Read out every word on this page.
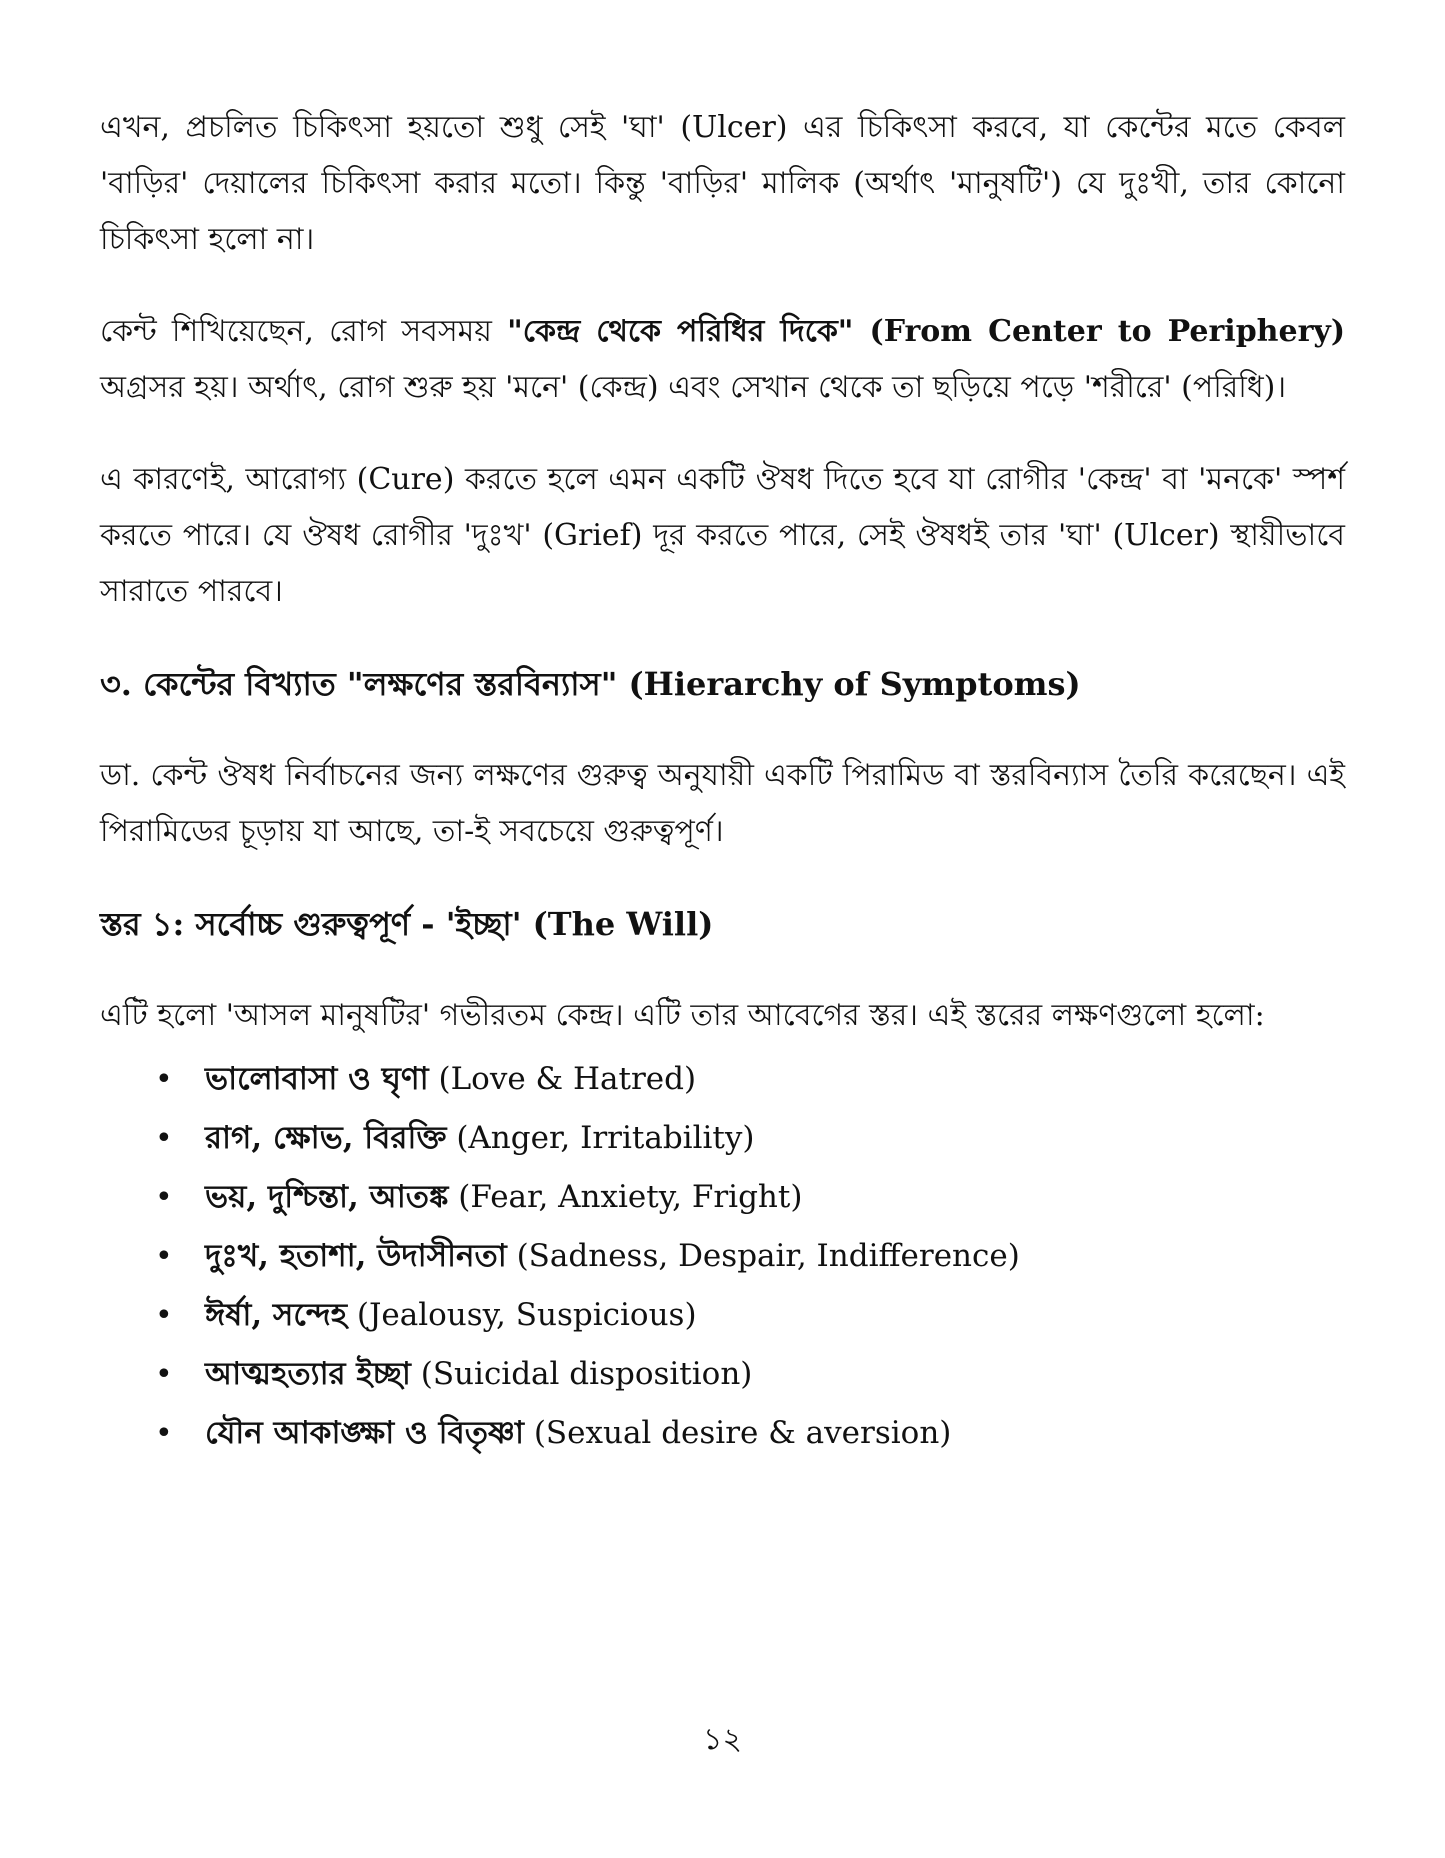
এখন, প্রচলিত চিকিৎসা হয়তো শুধু সেই 'ঘা' (Ulcer) এর চিকিৎসা করবে, যা কেন্টের মতে কেবল 'বাড়ির' দেয়ালের চিকিৎসা করার মতো। কিন্তু 'বাড়ির' মালিক (অর্থাৎ 'মানুষটি') যে দুঃখী, তার কোনো চিকিৎসা হলো না।

কেন্ট শিখিয়েছেন, রোগ সবসময় "কেন্দ্র থেকে পরিধির দিকে" (From Center to Periphery) অগ্রসর হয়। অর্থাৎ, রোগ শুরু হয় 'মনে' (কেন্দ্র) এবং সেখান থেকে তা ছড়িয়ে পড়ে 'শরীরে' (পরিধি)।

এ কারণেই, আরোগ্য (Cure) করতে হলে এমন একটি ঔষধ দিতে হবে যা রোগীর 'কেন্দ্র' বা 'মনকে' স্পর্শ করতে পারে। যে ঔষধ রোগীর 'দুঃখ' (Grief) দূর করতে পারে, সেই ঔষধই তার 'ঘা' (Ulcer) স্থায়ীভাবে সারাতে পারবে।

৩. কেন্টের বিখ্যাত "লক্ষণের স্তরবিন্যাস" (Hierarchy of Symptoms)

ডা. কেন্ট ঔষধ নির্বাচনের জন্য লক্ষণের গুরুত্ব অনুযায়ী একটি পিরামিড বা স্তরবিন্যাস তৈরি করেছেন। এই পিরামিডের চূড়ায় যা আছে, তা-ই সবচেয়ে গুরুত্বপূর্ণ।

স্তর ১: সর্বোচ্চ গুরুত্বপূর্ণ - 'ইচ্ছা' (The Will)

এটি হলো 'আসল মানুষটির' গভীরতম কেন্দ্র। এটি তার আবেগের স্তর। এই স্তরের লক্ষণগুলো হলো:

• ভালোবাসা ও ঘৃণা (Love & Hatred)
• রাগ, ক্ষোভ, বিরক্তি (Anger, Irritability)
• ভয়, দুশ্চিন্তা, আতঙ্ক (Fear, Anxiety, Fright)
• দুঃখ, হতাশা, উদাসীনতা (Sadness, Despair, Indifference)
• ঈর্ষা, সন্দেহ (Jealousy, Suspicious)
• আত্মহত্যার ইচ্ছা (Suicidal disposition)
• যৌন আকাঙ্ক্ষা ও বিতৃষ্ণা (Sexual desire & aversion)
১২
